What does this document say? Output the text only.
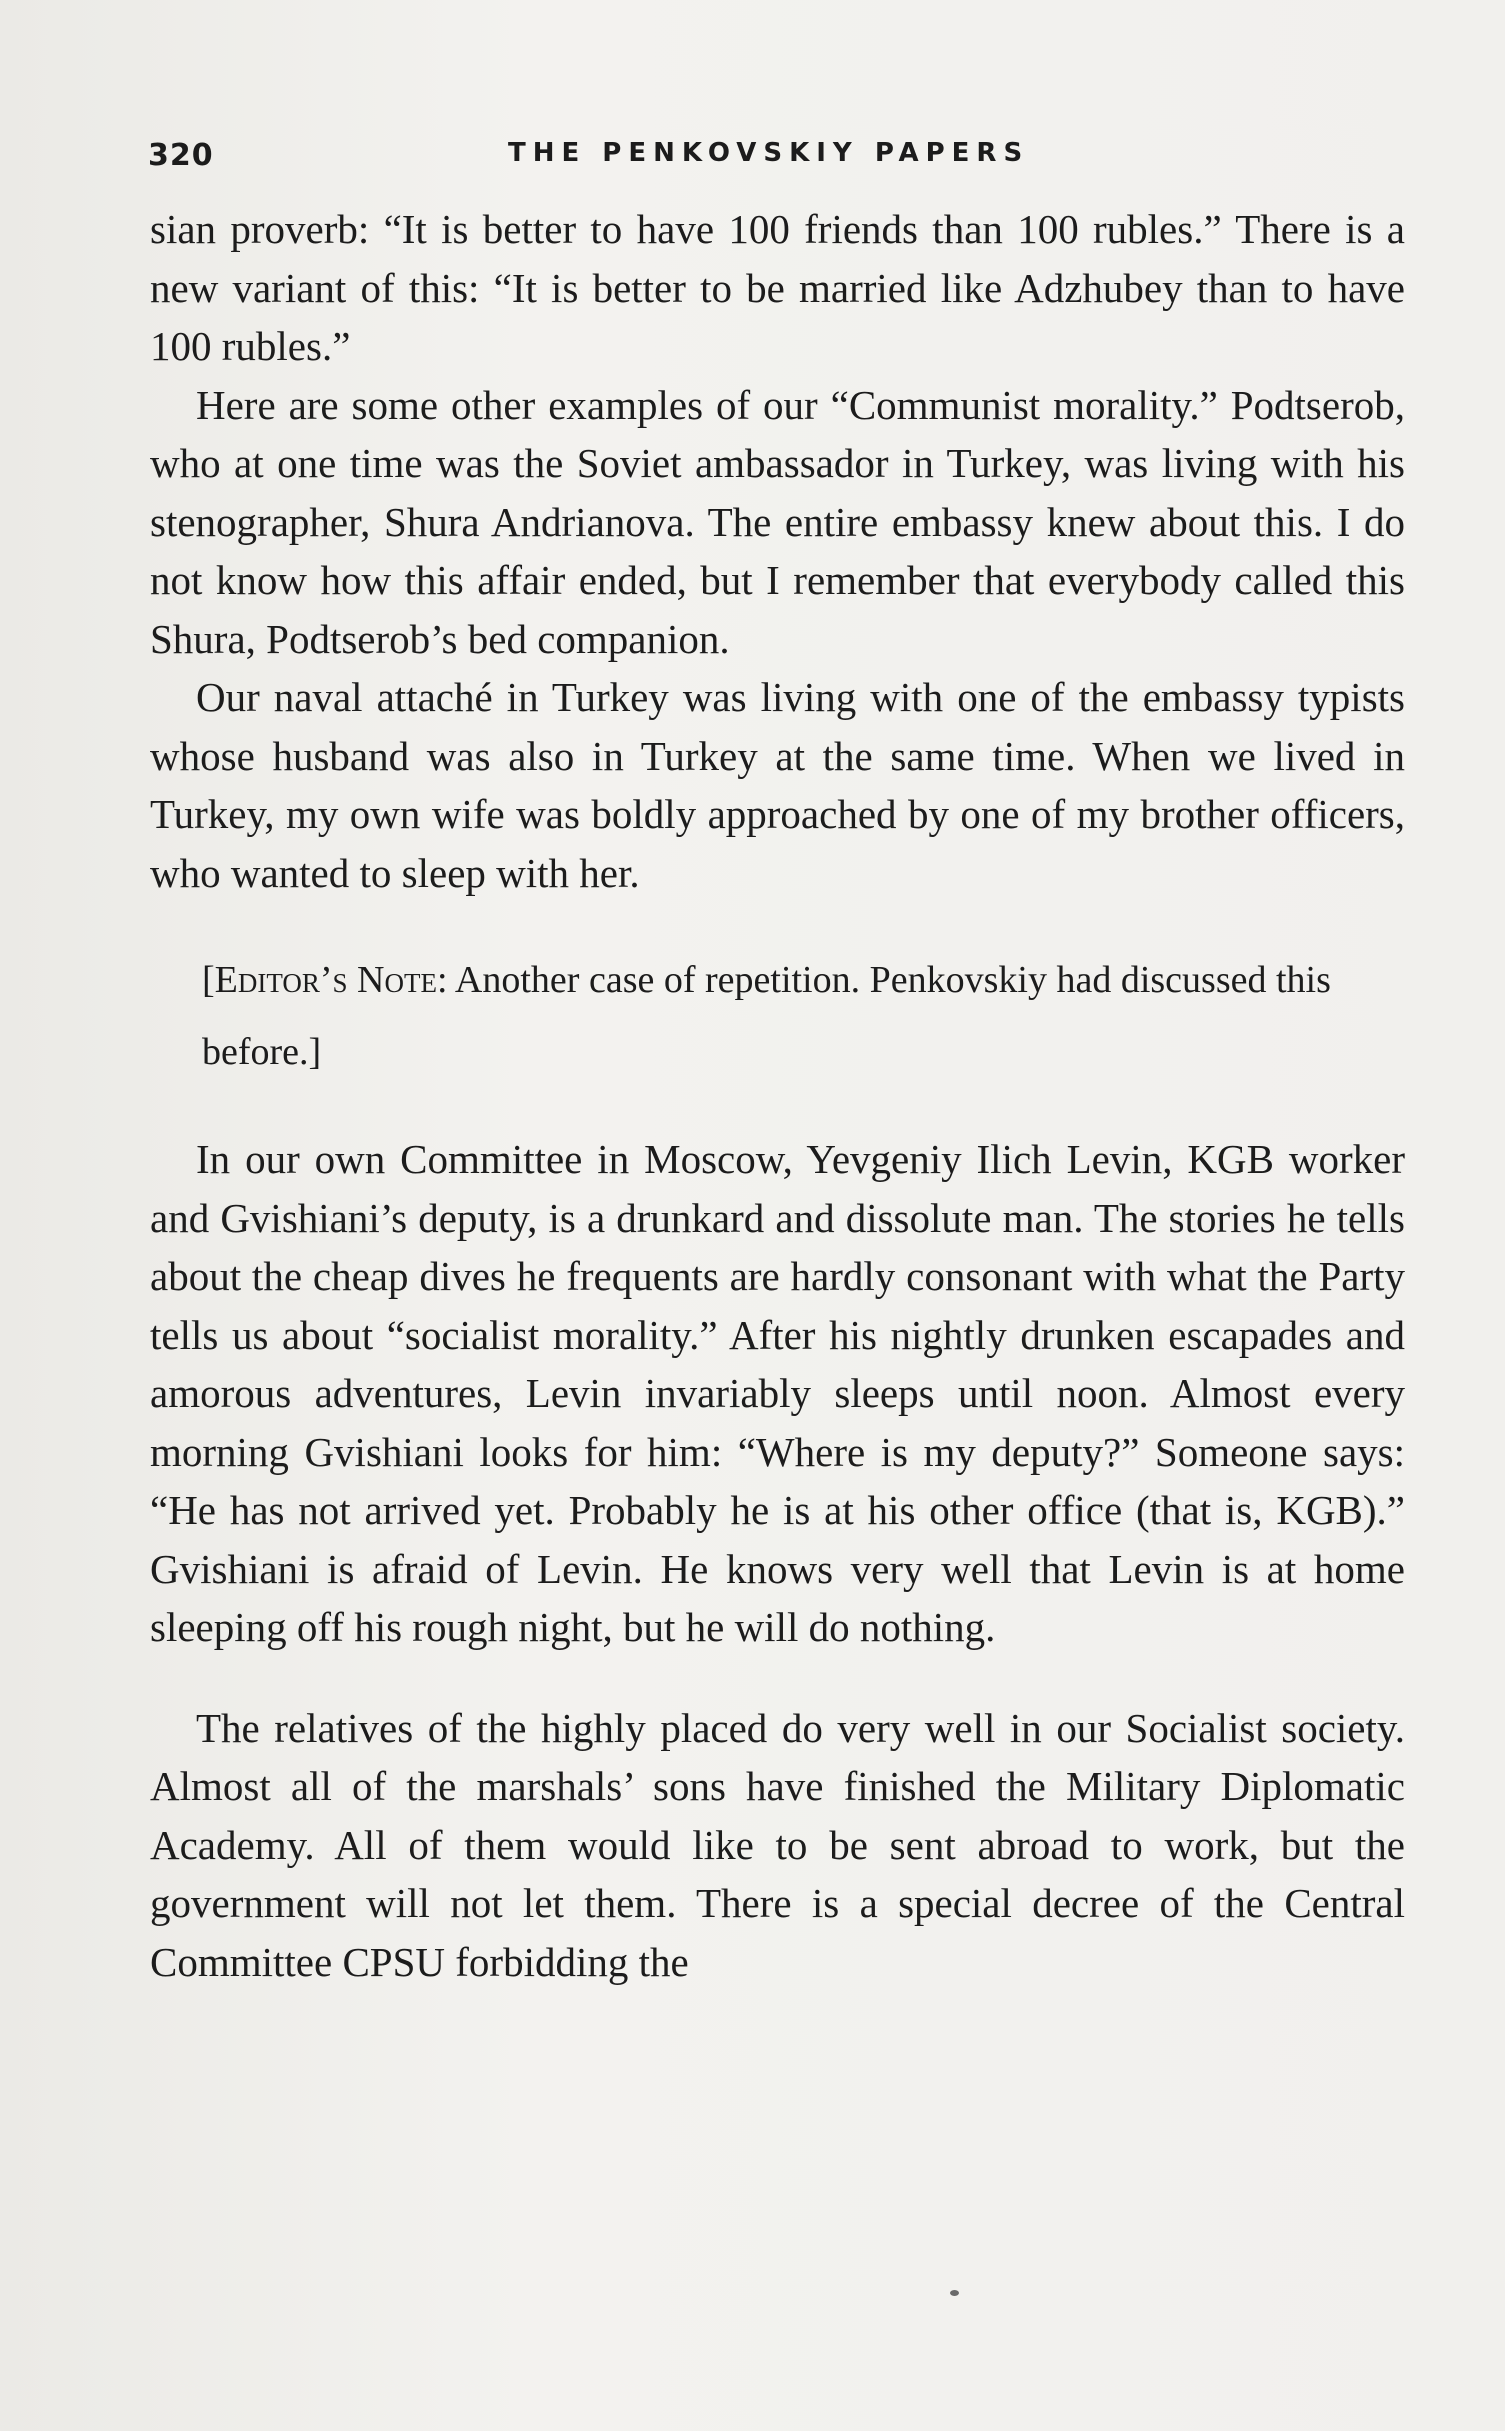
320	THE PENKOVSKIY PAPERS

sian proverb: “It is better to have 100 friends than 100 rubles.” There is a new variant of this: “It is better to be married like Adzhubey than to have 100 rubles.”

Here are some other examples of our “Communist morality.” Podtserob, who at one time was the Soviet ambassador in Turkey, was living with his stenographer, Shura Andrianova. The entire embassy knew about this. I do not know how this affair ended, but I remember that everybody called this Shura, Podtserob’s bed companion.

Our naval attaché in Turkey was living with one of the embassy typists whose husband was also in Turkey at the same time. When we lived in Turkey, my own wife was boldly approached by one of my brother officers, who wanted to sleep with her.

[Editor’s Note: Another case of repetition. Penkovskiy had discussed this before.]

In our own Committee in Moscow, Yevgeniy Ilich Levin, KGB worker and Gvishiani’s deputy, is a drunkard and dissolute man. The stories he tells about the cheap dives he frequents are hardly consonant with what the Party tells us about “socialist morality.” After his nightly drunken escapades and amorous adventures, Levin invariably sleeps until noon. Almost every morning Gvishiani looks for him: “Where is my deputy?” Someone says: “He has not arrived yet. Probably he is at his other office (that is, KGB).” Gvishiani is afraid of Levin. He knows very well that Levin is at home sleeping off his rough night, but he will do nothing.

The relatives of the highly placed do very well in our Socialist society. Almost all of the marshals’ sons have finished the Military Diplomatic Academy. All of them would like to be sent abroad to work, but the government will not let them. There is a special decree of the Central Committee CPSU forbidding the
